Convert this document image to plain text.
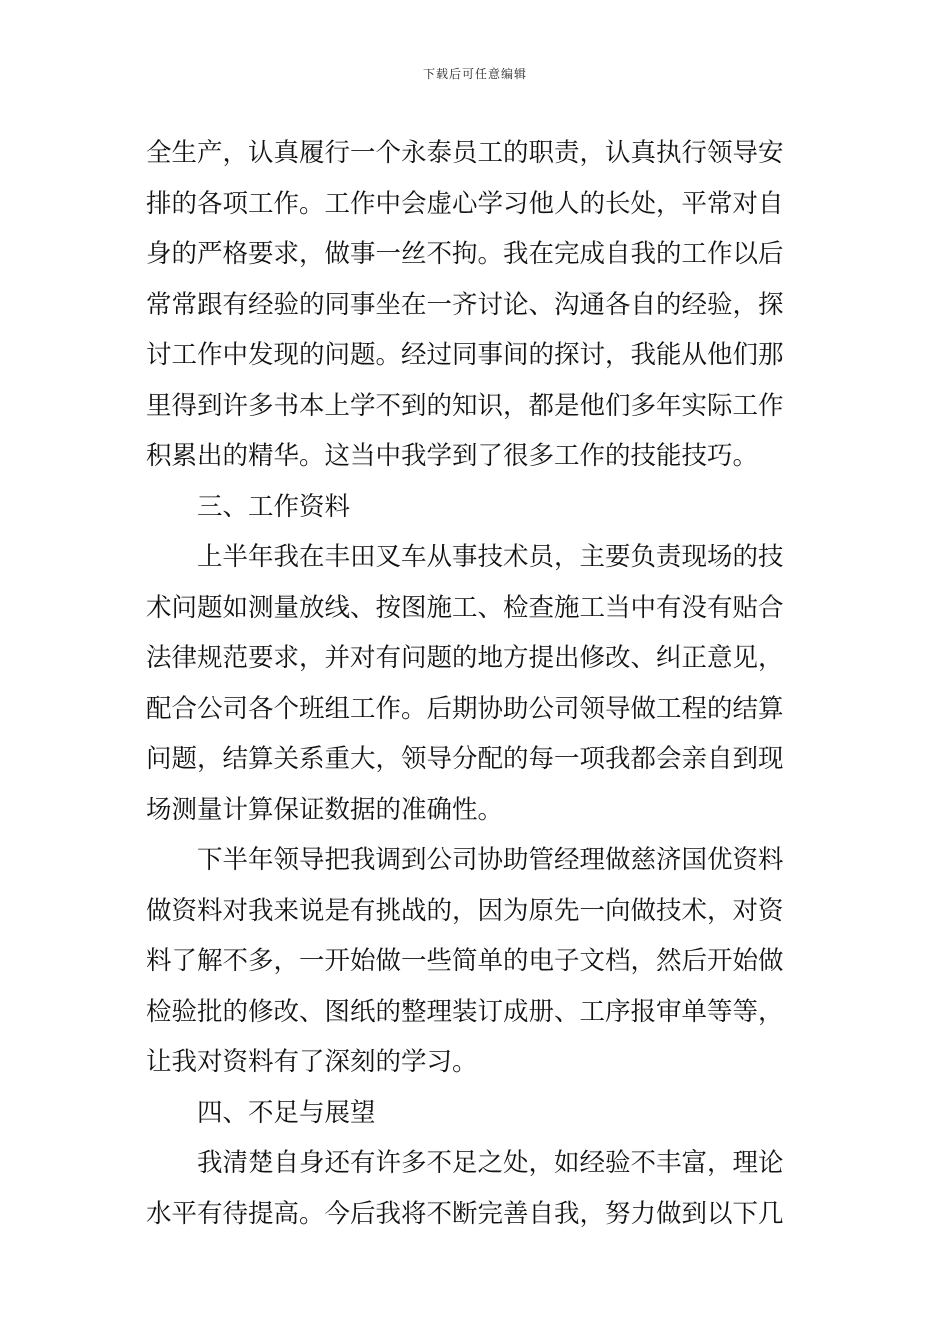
下载后可任意编辑
全生产，认真履行一个永泰员工的职责，认真执行领导安
排的各项工作。工作中会虚心学习他人的长处，平常对自
身的严格要求，做事一丝不拘。我在完成自我的工作以后
常常跟有经验的同事坐在一齐讨论、沟通各自的经验，探
讨工作中发现的问题。经过同事间的探讨，我能从他们那
里得到许多书本上学不到的知识，都是他们多年实际工作
积累出的精华。这当中我学到了很多工作的技能技巧。
三、工作资料
上半年我在丰田叉车从事技术员，主要负责现场的技
术问题如测量放线、按图施工、检查施工当中有没有贴合
法律规范要求，并对有问题的地方提出修改、纠正意见，
配合公司各个班组工作。后期协助公司领导做工程的结算
问题，结算关系重大，领导分配的每一项我都会亲自到现
场测量计算保证数据的准确性。
下半年领导把我调到公司协助管经理做慈济国优资料
做资料对我来说是有挑战的，因为原先一向做技术，对资
料了解不多，一开始做一些简单的电子文档，然后开始做
检验批的修改、图纸的整理装订成册、工序报审单等等，
让我对资料有了深刻的学习。
四、不足与展望
我清楚自身还有许多不足之处，如经验不丰富，理论
水平有待提高。今后我将不断完善自我，努力做到以下几
